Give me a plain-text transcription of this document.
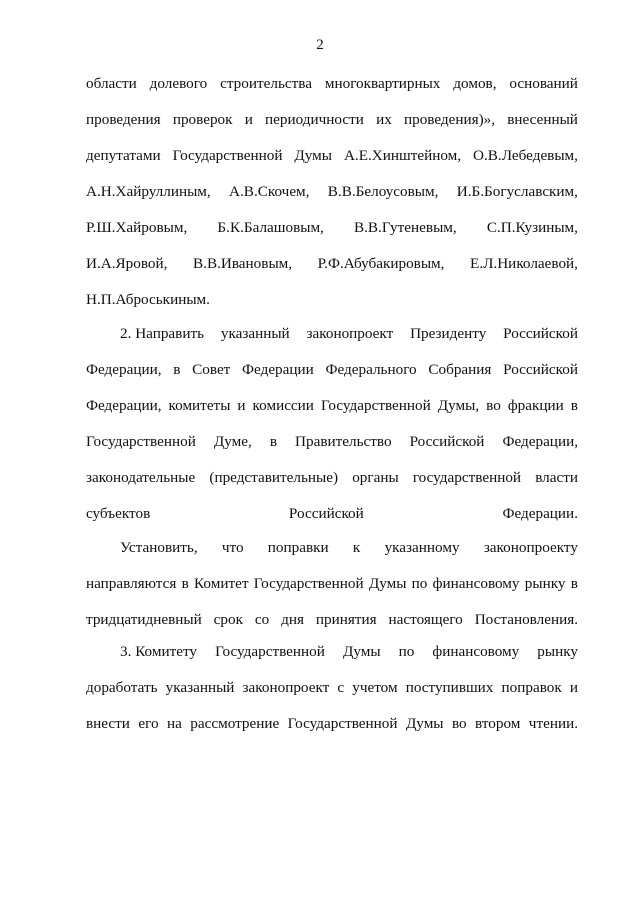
2
области долевого строительства многоквартирных домов, оснований
проведения проверок и периодичности их проведения)», внесенный
депутатами Государственной Думы А.Е.Хинштейном, О.В.Лебедевым,
А.Н.Хайруллиным, А.В.Скочем, В.В.Белоусовым, И.Б.Богуславским,
Р.Ш.Хайровым, Б.К.Балашовым, В.В.Гутеневым, С.П.Кузиным,
И.А.Яровой, В.В.Ивановым, Р.Ф.Абубакировым, Е.Л.Николаевой,
Н.П.Аброськиным.
2. Направить указанный законопроект Президенту Российской
Федерации, в Совет Федерации Федерального Собрания Российской
Федерации, комитеты и комиссии Государственной Думы, во фракции в
Государственной Думе, в Правительство Российской Федерации,
законодательные (представительные) органы государственной власти
субъектов Российской Федерации.
Установить, что поправки к указанному законопроекту
направляются в Комитет Государственной Думы по финансовому рынку в
тридцатидневный срок со дня принятия настоящего Постановления.
3. Комитету Государственной Думы по финансовому рынку
доработать указанный законопроект с учетом поступивших поправок и
внести его на рассмотрение Государственной Думы во втором чтении.
